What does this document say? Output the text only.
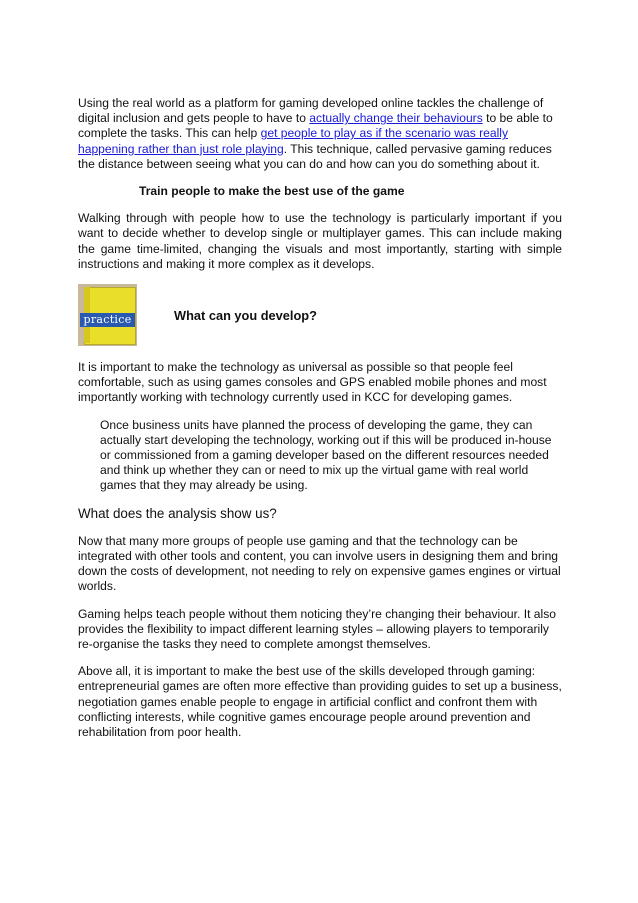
Using the real world as a platform for gaming developed online tackles the challenge of digital inclusion and gets people to have to actually change their behaviours to be able to complete the tasks. This can help get people to play as if the scenario was really happening rather than just role playing. This technique, called pervasive gaming reduces the distance between seeing what you can do and how can you do something about it.

Train people to make the best use of the game

Walking through with people how to use the technology is particularly important if you want to decide whether to develop single or multiplayer games. This can include making the game time-limited, changing the visuals and most importantly, starting with simple instructions and making it more complex as it develops.

practice	What can you develop?

It is important to make the technology as universal as possible so that people feel comfortable, such as using games consoles and GPS enabled mobile phones and most importantly working with technology currently used in KCC for developing games.

Once business units have planned the process of developing the game, they can actually start developing the technology, working out if this will be produced in-house or commissioned from a gaming developer based on the different resources needed and think up whether they can or need to mix up the virtual game with real world games that they may already be using.

What does the analysis show us?

Now that many more groups of people use gaming and that the technology can be integrated with other tools and content, you can involve users in designing them and bring down the costs of development, not needing to rely on expensive games engines or virtual worlds.

Gaming helps teach people without them noticing they’re changing their behaviour. It also provides the flexibility to impact different learning styles – allowing players to temporarily re-organise the tasks they need to complete amongst themselves.

Above all, it is important to make the best use of the skills developed through gaming: entrepreneurial games are often more effective than providing guides to set up a business, negotiation games enable people to engage in artificial conflict and confront them with conflicting interests, while cognitive games encourage people around prevention and rehabilitation from poor health.
